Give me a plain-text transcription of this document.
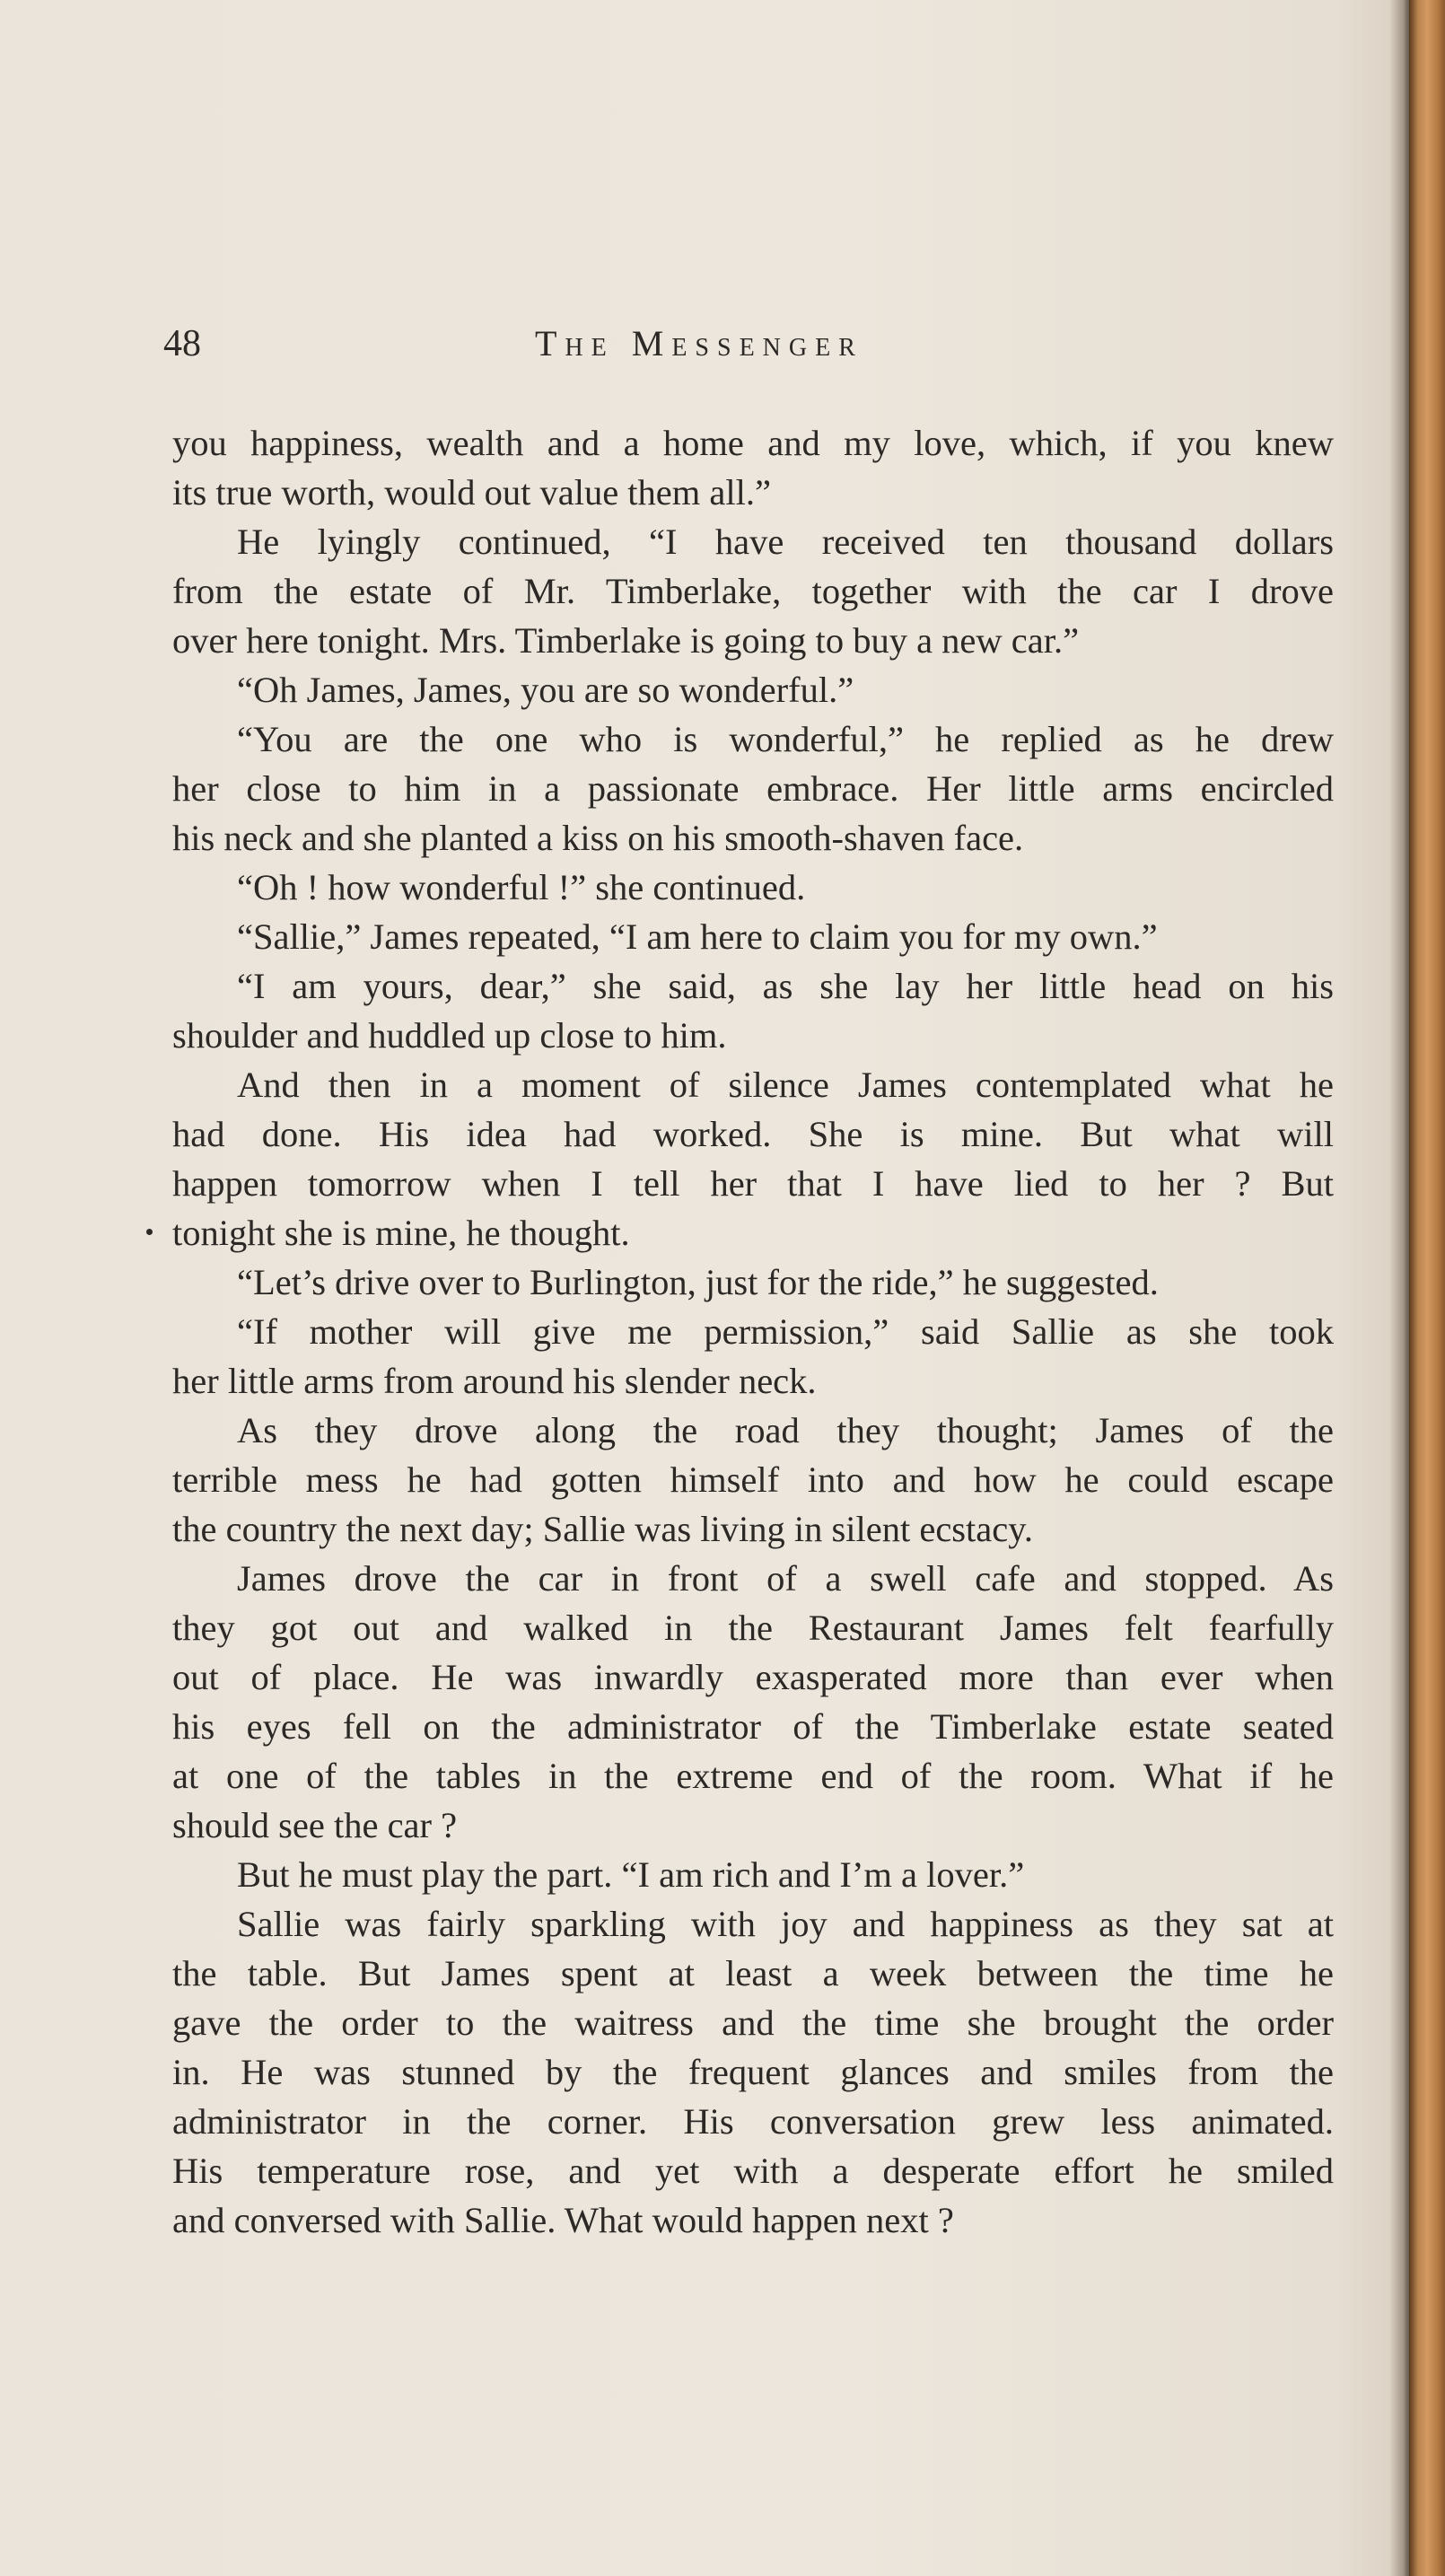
48	The Messenger
you happiness, wealth and a home and my love, which, if you knew
its true worth, would out value them all.”
He lyingly continued, “I have received ten thousand dollars
from the estate of Mr. Timberlake, together with the car I drove
over here tonight. Mrs. Timberlake is going to buy a new car.”
“Oh James, James, you are so wonderful.”
“You are the one who is wonderful,” he replied as he drew
her close to him in a passionate embrace. Her little arms encircled
his neck and she planted a kiss on his smooth-shaven face.
“Oh ! how wonderful !” she continued.
“Sallie,” James repeated, “I am here to claim you for my own.”
“I am yours, dear,” she said, as she lay her little head on his
shoulder and huddled up close to him.
And then in a moment of silence James contemplated what he
had done. His idea had worked. She is mine. But what will
happen tomorrow when I tell her that I have lied to her ? But
tonight she is mine, he thought.
“Let’s drive over to Burlington, just for the ride,” he suggested.
“If mother will give me permission,” said Sallie as she took
her little arms from around his slender neck.
As they drove along the road they thought; James of the
terrible mess he had gotten himself into and how he could escape
the country the next day; Sallie was living in silent ecstacy.
James drove the car in front of a swell cafe and stopped. As
they got out and walked in the Restaurant James felt fearfully
out of place. He was inwardly exasperated more than ever when
his eyes fell on the administrator of the Timberlake estate seated
at one of the tables in the extreme end of the room. What if he
should see the car ?
But he must play the part. “I am rich and I’m a lover.”
Sallie was fairly sparkling with joy and happiness as they sat at
the table. But James spent at least a week between the time he
gave the order to the waitress and the time she brought the order
in. He was stunned by the frequent glances and smiles from the
administrator in the corner. His conversation grew less animated.
His temperature rose, and yet with a desperate effort he smiled
and conversed with Sallie. What would happen next ?
